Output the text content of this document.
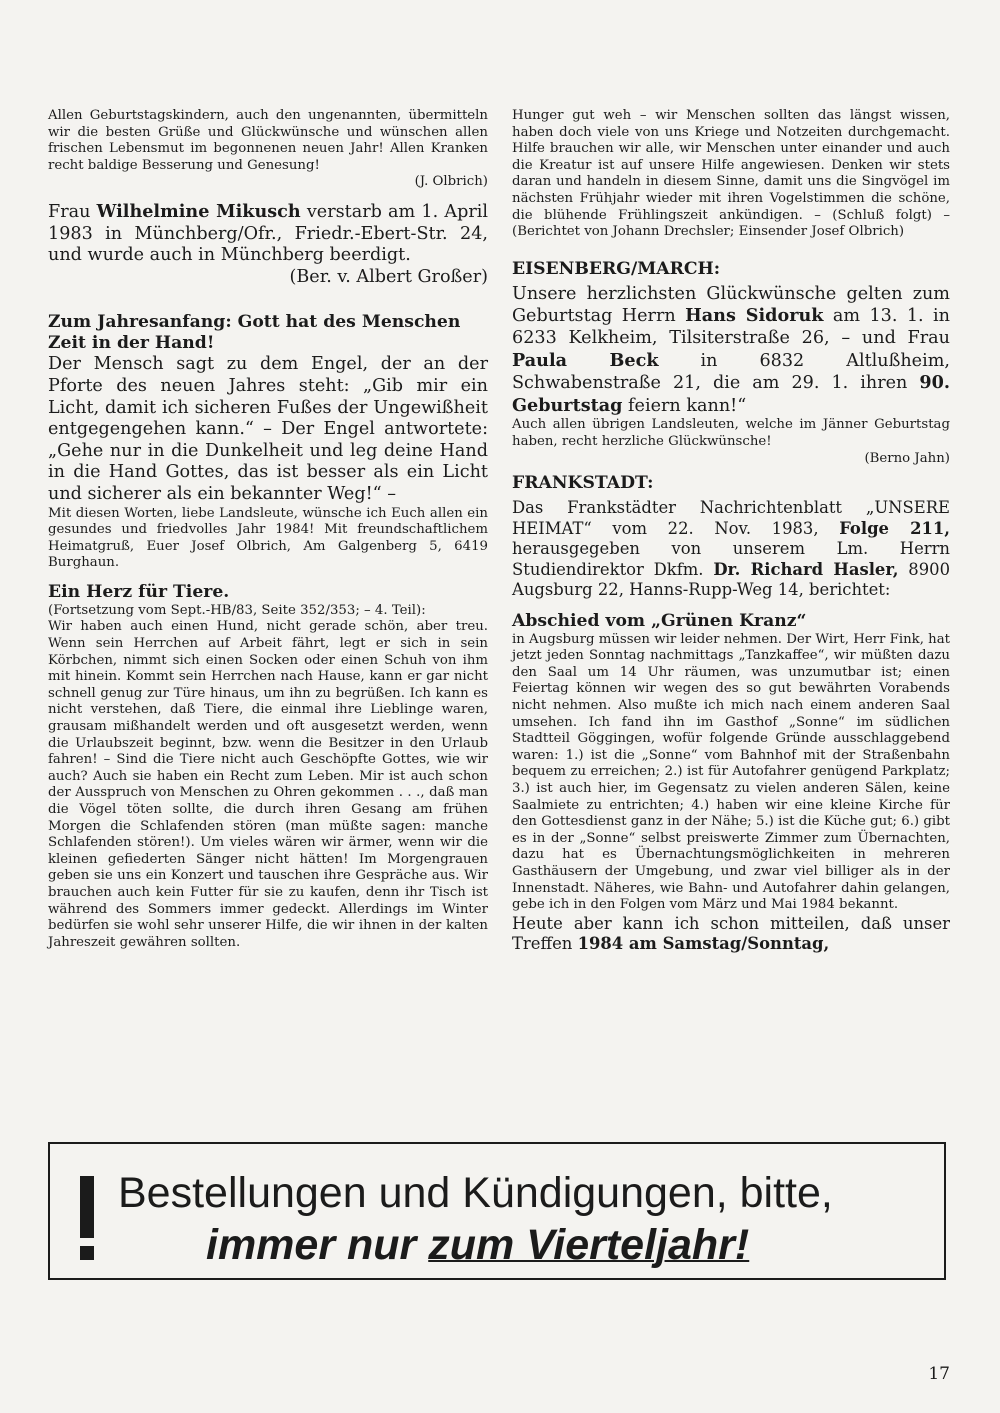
Allen Geburtstagskindern, auch den ungenannten, übermitteln wir die besten Grüße und Glückwünsche und wünschen allen frischen Lebensmut im begonnenen neuen Jahr! Allen Kranken recht baldige Besserung und Genesung!
(J. Olbrich)

Frau Wilhelmine Mikusch verstarb am 1. April 1983 in Münchberg/Ofr., Friedr.-Ebert-Str. 24, und wurde auch in Münchberg beerdigt.
(Ber. v. Albert Großer)

Zum Jahresanfang: Gott hat des Menschen Zeit in der Hand!

Der Mensch sagt zu dem Engel, der an der Pforte des neuen Jahres steht: „Gib mir ein Licht, damit ich sicheren Fußes der Ungewißheit entgegengehen kann.“ – Der Engel antwortete: „Gehe nur in die Dunkelheit und leg deine Hand in die Hand Gottes, das ist besser als ein Licht und sicherer als ein bekannter Weg!“ –

Mit diesen Worten, liebe Landsleute, wünsche ich Euch allen ein gesundes und friedvolles Jahr 1984! Mit freundschaftlichem Heimatgruß, Euer Josef Olbrich, Am Galgenberg 5, 6419 Burghaun.

Ein Herz für Tiere.

(Fortsetzung vom Sept.-HB/83, Seite 352/353; – 4. Teil):

Wir haben auch einen Hund, nicht gerade schön, aber treu. Wenn sein Herrchen auf Arbeit fährt, legt er sich in sein Körbchen, nimmt sich einen Socken oder einen Schuh von ihm mit hinein. Kommt sein Herrchen nach Hause, kann er gar nicht schnell genug zur Türe hinaus, um ihn zu begrüßen. Ich kann es nicht verstehen, daß Tiere, die einmal ihre Lieblinge waren, grausam mißhandelt werden und oft ausgesetzt werden, wenn die Urlaubszeit beginnt, bzw. wenn die Besitzer in den Urlaub fahren! – Sind die Tiere nicht auch Geschöpfte Gottes, wie wir auch? Auch sie haben ein Recht zum Leben. Mir ist auch schon der Ausspruch von Menschen zu Ohren gekommen . . ., daß man die Vögel töten sollte, die durch ihren Gesang am frühen Morgen die Schlafenden stören (man müßte sagen: manche Schlafenden stören!). Um vieles wären wir ärmer, wenn wir die kleinen gefiederten Sänger nicht hätten! Im Morgengrauen geben sie uns ein Konzert und tauschen ihre Gespräche aus. Wir brauchen auch kein Futter für sie zu kaufen, denn ihr Tisch ist während des Sommers immer gedeckt. Allerdings im Winter bedürfen sie wohl sehr unserer Hilfe, die wir ihnen in der kalten Jahreszeit gewähren sollten.

Hunger gut weh – wir Menschen sollten das längst wissen, haben doch viele von uns Kriege und Notzeiten durchgemacht. Hilfe brauchen wir alle, wir Menschen unter einander und auch die Kreatur ist auf unsere Hilfe angewiesen. Denken wir stets daran und handeln in diesem Sinne, damit uns die Singvögel im nächsten Frühjahr wieder mit ihren Vogelstimmen die schöne, die blühende Frühlingszeit ankündigen. – (Schluß folgt) – (Berichtet von Johann Drechsler; Einsender Josef Olbrich)

EISENBERG/MARCH:

Unsere herzlichsten Glückwünsche gelten zum Geburtstag Herrn Hans Sidoruk am 13. 1. in 6233 Kelkheim, Tilsiterstraße 26, – und Frau Paula Beck in 6832 Altlußheim, Schwabenstraße 21, die am 29. 1. ihren 90. Geburtstag feiern kann!“

Auch allen übrigen Landsleuten, welche im Jänner Geburtstag haben, recht herzliche Glückwünsche!
(Berno Jahn)

FRANKSTADT:

Das Frankstädter Nachrichtenblatt „UNSERE HEIMAT“ vom 22. Nov. 1983, Folge 211, herausgegeben von unserem Lm. Herrn Studiendirektor Dkfm. Dr. Richard Hasler, 8900 Augsburg 22, Hanns-Rupp-Weg 14, berichtet:

Abschied vom „Grünen Kranz“

in Augsburg müssen wir leider nehmen. Der Wirt, Herr Fink, hat jetzt jeden Sonntag nachmittags „Tanzkaffee“, wir müßten dazu den Saal um 14 Uhr räumen, was unzumutbar ist; einen Feiertag können wir wegen des so gut bewährten Vorabends nicht nehmen. Also mußte ich mich nach einem anderen Saal umsehen. Ich fand ihn im Gasthof „Sonne“ im südlichen Stadtteil Göggingen, wofür folgende Gründe ausschlaggebend waren: 1.) ist die „Sonne“ vom Bahnhof mit der Straßenbahn bequem zu erreichen; 2.) ist für Autofahrer genügend Parkplatz; 3.) ist auch hier, im Gegensatz zu vielen anderen Sälen, keine Saalmiete zu entrichten; 4.) haben wir eine kleine Kirche für den Gottesdienst ganz in der Nähe; 5.) ist die Küche gut; 6.) gibt es in der „Sonne“ selbst preiswerte Zimmer zum Übernachten, dazu hat es Übernachtungsmöglichkeiten in mehreren Gasthäusern der Umgebung, und zwar viel billiger als in der Innenstadt. Näheres, wie Bahn- und Autofahrer dahin gelangen, gebe ich in den Folgen vom März und Mai 1984 bekannt.

Heute aber kann ich schon mitteilen, daß unser Treffen 1984 am Samstag/Sonntag,

Bestellungen und Kündigungen, bitte,
immer nur zum Vierteljahr!
17
